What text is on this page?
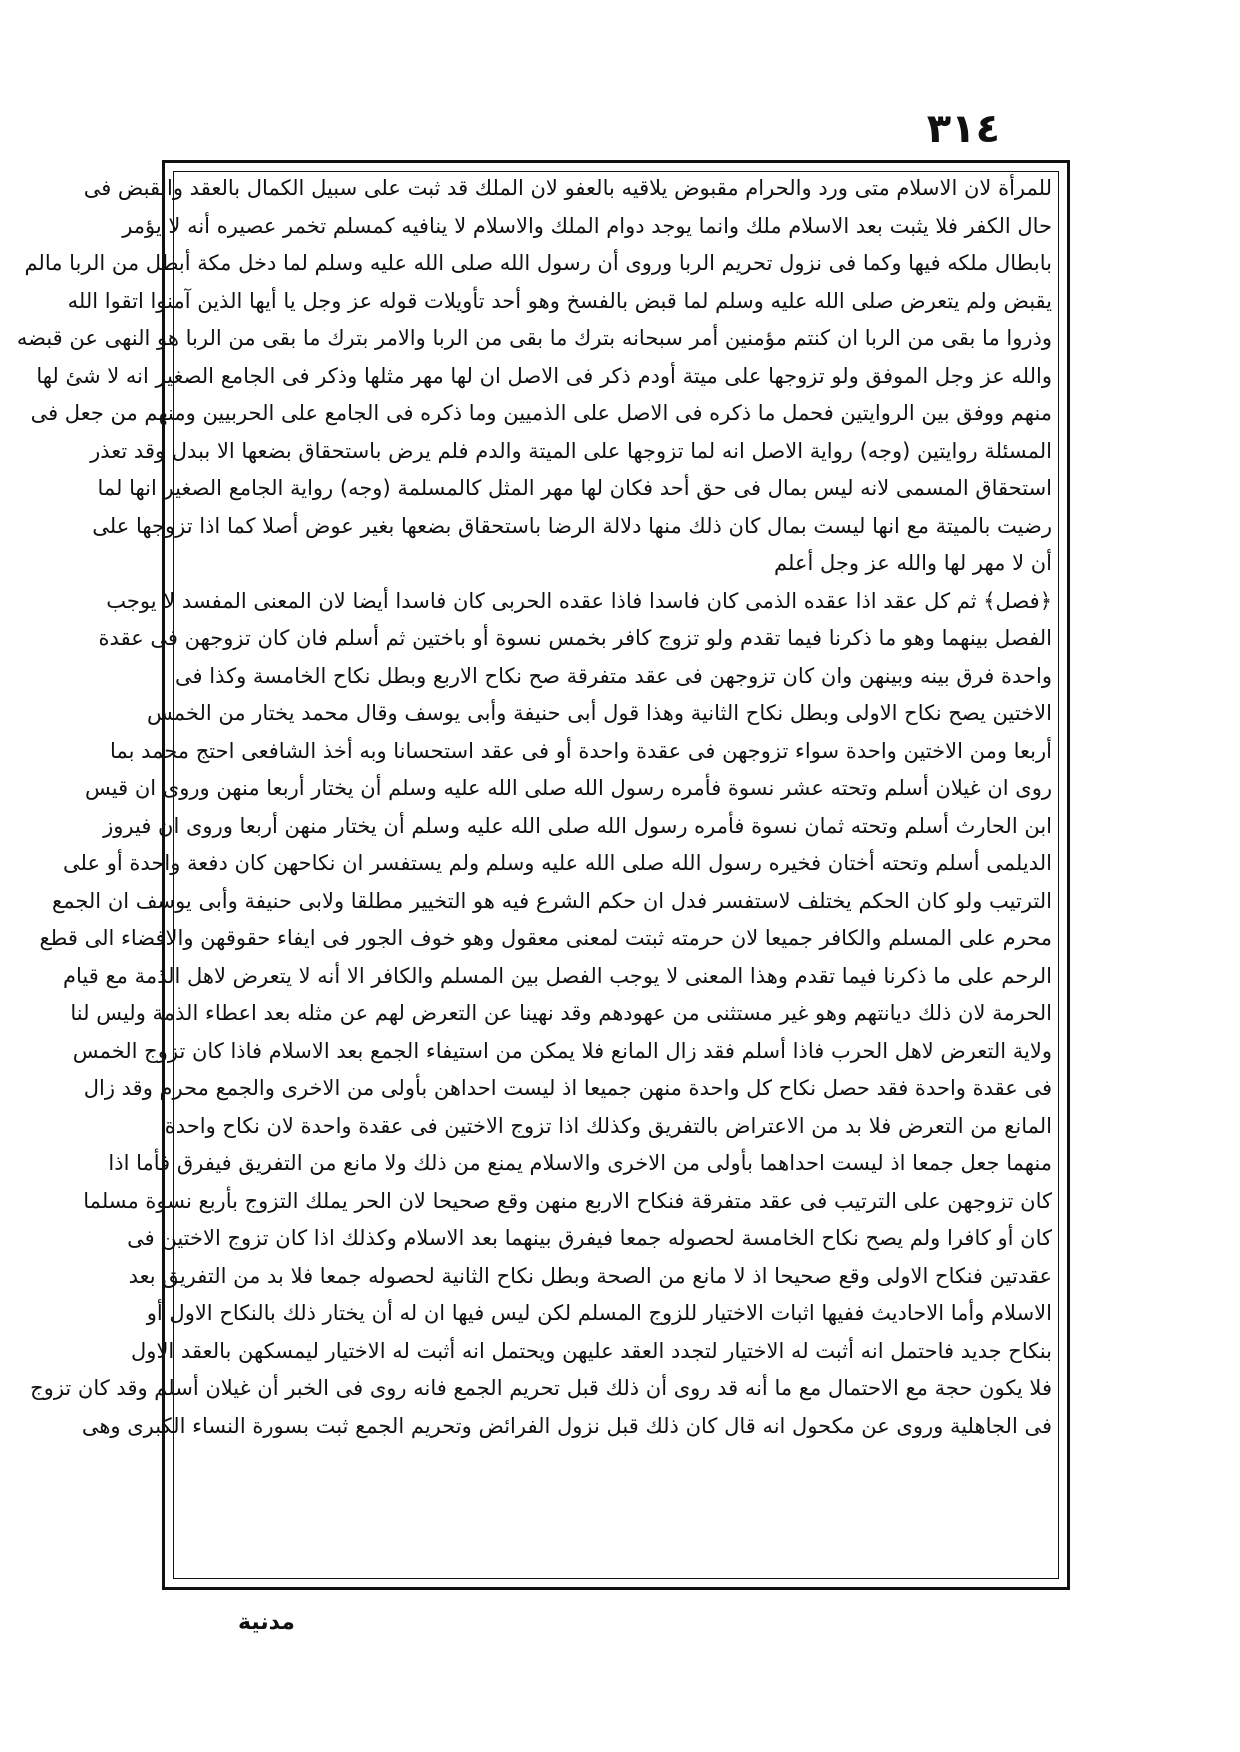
٣١٤
للمرأة لان الاسلام متى ورد والحرام مقبوض يلاقيه بالعفو لان الملك قد ثبت على سبيل الكمال بالعقد والقبض فى
حال الكفر فلا يثبت بعد الاسلام ملك وانما يوجد دوام الملك والاسلام لا ينافيه كمسلم تخمر عصيره أنه لا يؤمر
بابطال ملكه فيها وكما فى نزول تحريم الربا وروى أن رسول الله صلى الله عليه وسلم لما دخل مكة أبطل من الربا مالم
يقبض ولم يتعرض صلى الله عليه وسلم لما قبض بالفسخ وهو أحد تأويلات قوله عز وجل يا أيها الذين آمنوا اتقوا الله
وذروا ما بقى من الربا ان كنتم مؤمنين أمر سبحانه بترك ما بقى من الربا والامر بترك ما بقى من الربا هو النهى عن قبضه
والله عز وجل الموفق ولو تزوجها على ميتة أودم ذكر فى الاصل ان لها مهر مثلها وذكر فى الجامع الصغير انه لا شئ لها
منهم ووفق بين الروايتين فحمل ما ذكره فى الاصل على الذميين وما ذكره فى الجامع على الحربيين ومنهم من جعل فى
المسئلة روايتين (وجه) رواية الاصل انه لما تزوجها على الميتة والدم فلم يرض باستحقاق بضعها الا ببدل وقد تعذر
استحقاق المسمى لانه ليس بمال فى حق أحد فكان لها مهر المثل كالمسلمة (وجه) رواية الجامع الصغير انها لما
رضيت بالميتة مع انها ليست بمال كان ذلك منها دلالة الرضا باستحقاق بضعها بغير عوض أصلا كما اذا تزوجها على
أن لا مهر لها والله عز وجل أعلم
﴿فصل﴾ ثم كل عقد اذا عقده الذمى كان فاسدا فاذا عقده الحربى كان فاسدا أيضا لان المعنى المفسد لا يوجب
الفصل بينهما وهو ما ذكرنا فيما تقدم ولو تزوج كافر بخمس نسوة أو باختين ثم أسلم فان كان تزوجهن فى عقدة
واحدة فرق بينه وبينهن وان كان تزوجهن فى عقد متفرقة صح نكاح الاربع وبطل نكاح الخامسة وكذا فى
الاختين يصح نكاح الاولى وبطل نكاح الثانية وهذا قول أبى حنيفة وأبى يوسف وقال محمد يختار من الخمس
أربعا ومن الاختين واحدة سواء تزوجهن فى عقدة واحدة أو فى عقد استحسانا وبه أخذ الشافعى احتج محمد بما
روى ان غيلان أسلم وتحته عشر نسوة فأمره رسول الله صلى الله عليه وسلم أن يختار أربعا منهن وروى ان قيس
ابن الحارث أسلم وتحته ثمان نسوة فأمره رسول الله صلى الله عليه وسلم أن يختار منهن أربعا وروى ان فيروز
الديلمى أسلم وتحته أختان فخيره رسول الله صلى الله عليه وسلم ولم يستفسر ان نكاحهن كان دفعة واحدة أو على
الترتيب ولو كان الحكم يختلف لاستفسر فدل ان حكم الشرع فيه هو التخيير مطلقا ولابى حنيفة وأبى يوسف ان الجمع
محرم على المسلم والكافر جميعا لان حرمته ثبتت لمعنى معقول وهو خوف الجور فى ايفاء حقوقهن والافضاء الى قطع
الرحم على ما ذكرنا فيما تقدم وهذا المعنى لا يوجب الفصل بين المسلم والكافر الا أنه لا يتعرض لاهل الذمة مع قيام
الحرمة لان ذلك ديانتهم وهو غير مستثنى من عهودهم وقد نهينا عن التعرض لهم عن مثله بعد اعطاء الذمة وليس لنا
ولاية التعرض لاهل الحرب فاذا أسلم فقد زال المانع فلا يمكن من استيفاء الجمع بعد الاسلام فاذا كان تزوج الخمس
فى عقدة واحدة فقد حصل نكاح كل واحدة منهن جميعا اذ ليست احداهن بأولى من الاخرى والجمع محرم وقد زال
المانع من التعرض فلا بد من الاعتراض بالتفريق وكذلك اذا تزوج الاختين فى عقدة واحدة لان نكاح واحدة
منهما جعل جمعا اذ ليست احداهما بأولى من الاخرى والاسلام يمنع من ذلك ولا مانع من التفريق فيفرق فأما اذا
كان تزوجهن على الترتيب فى عقد متفرقة فنكاح الاربع منهن وقع صحيحا لان الحر يملك التزوج بأربع نسوة مسلما
كان أو كافرا ولم يصح نكاح الخامسة لحصوله جمعا فيفرق بينهما بعد الاسلام وكذلك اذا كان تزوج الاختين فى
عقدتين فنكاح الاولى وقع صحيحا اذ لا مانع من الصحة وبطل نكاح الثانية لحصوله جمعا فلا بد من التفريق بعد
الاسلام وأما الاحاديث ففيها اثبات الاختيار للزوج المسلم لكن ليس فيها ان له أن يختار ذلك بالنكاح الاول أو
بنكاح جديد فاحتمل انه أثبت له الاختيار لتجدد العقد عليهن ويحتمل انه أثبت له الاختيار ليمسكهن بالعقد الاول
فلا يكون حجة مع الاحتمال مع ما أنه قد روى أن ذلك قبل تحريم الجمع فانه روى فى الخبر أن غيلان أسلم وقد كان تزوج
فى الجاهلية وروى عن مكحول انه قال كان ذلك قبل نزول الفرائض وتحريم الجمع ثبت بسورة النساء الكبرى وهى
مدنية
